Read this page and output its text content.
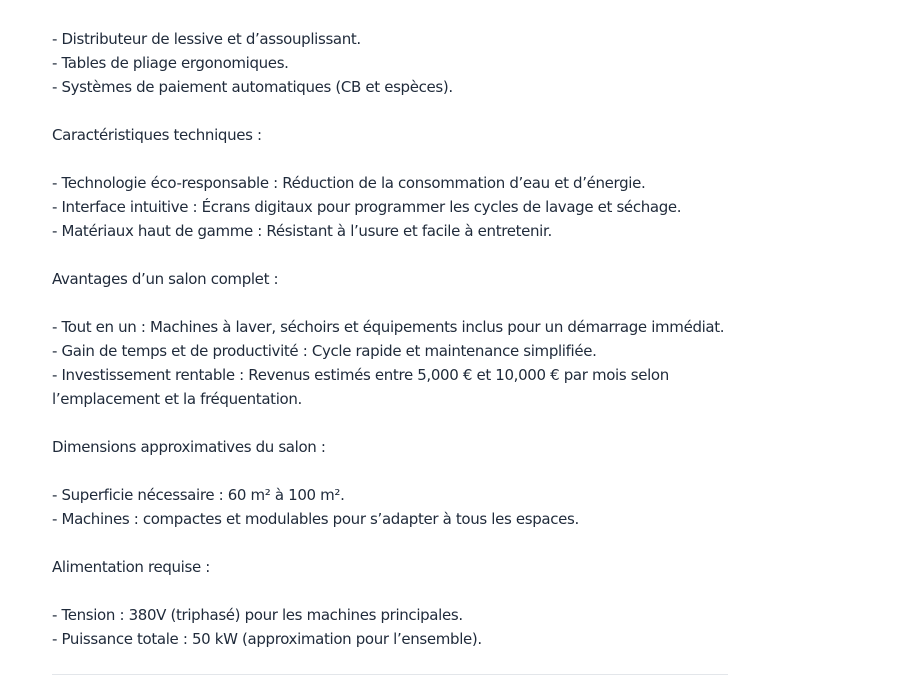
- Distributeur de lessive et d’assouplissant.
- Tables de pliage ergonomiques.
- Systèmes de paiement automatiques (CB et espèces).
Caractéristiques techniques :
- Technologie éco-responsable : Réduction de la consommation d’eau et d’énergie.
- Interface intuitive : Écrans digitaux pour programmer les cycles de lavage et séchage.
- Matériaux haut de gamme : Résistant à l’usure et facile à entretenir.
Avantages d’un salon complet :
- Tout en un : Machines à laver, séchoirs et équipements inclus pour un démarrage immédiat.
- Gain de temps et de productivité : Cycle rapide et maintenance simplifiée.
- Investissement rentable : Revenus estimés entre 5,000 € et 10,000 € par mois selon
l’emplacement et la fréquentation.
Dimensions approximatives du salon :
- Superficie nécessaire : 60 m² à 100 m².
- Machines : compactes et modulables pour s’adapter à tous les espaces.
Alimentation requise :
- Tension : 380V (triphasé) pour les machines principales.
- Puissance totale : 50 kW (approximation pour l’ensemble).
